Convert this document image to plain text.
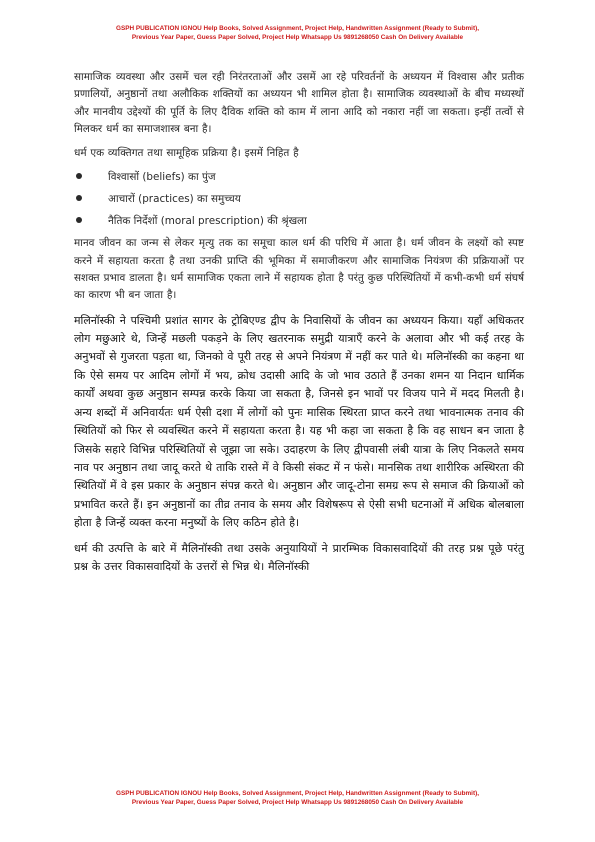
GSPH PUBLICATION IGNOU Help Books, Solved Assignment, Project Help, Handwritten Assignment (Ready to Submit),
Previous Year Paper, Guess Paper Solved, Project Help Whatsapp Us 9891268050 Cash On Delivery Available

सामाजिक व्यवस्था और उसमें चल रही निरंतरताओं और उसमें आ रहे परिवर्तनों के अध्ययन में विश्वास और प्रतीक प्रणालियों, अनुष्ठानों तथा अलौकिक शक्तियों का अध्ययन भी शामिल होता है। सामाजिक व्यवस्थाओं के बीच मध्यस्थों और मानवीय उद्देश्यों की पूर्ति के लिए दैविक शक्ति को काम में लाना आदि को नकारा नहीं जा सकता। इन्हीं तत्वों से मिलकर धर्म का समाजशास्त्र बना है।

धर्म एक व्यक्तिगत तथा सामूहिक प्रक्रिया है। इसमें निहित है

विश्वासों (beliefs) का पुंज
आचारों (practices) का समुच्चय
नैतिक निर्देशों (moral prescription) की श्रृंखला

मानव जीवन का जन्म से लेकर मृत्यु तक का समूचा काल धर्म की परिधि में आता है। धर्म जीवन के लक्ष्यों को स्पष्ट करने में सहायता करता है तथा उनकी प्राप्ति की भूमिका में समाजीकरण और सामाजिक नियंत्रण की प्रक्रियाओं पर सशक्त प्रभाव डालता है। धर्म सामाजिक एकता लाने में सहायक होता है परंतु कुछ परिस्थितियों में कभी-कभी धर्म संघर्ष का कारण भी बन जाता है।

मलिनॉस्की ने पश्चिमी प्रशांत सागर के ट्रोबिएण्ड द्वीप के निवासियों के जीवन का अध्ययन किया। यहाँ अधिकतर लोग मछुआरे थे, जिन्हें मछली पकड़ने के लिए खतरनाक समुद्री यात्राएँ करने के अलावा और भी कई तरह के अनुभवों से गुजरता पड़ता था, जिनको वे पूरी तरह से अपने नियंत्रण में नहीं कर पाते थे। मलिनॉस्की का कहना था कि ऐसे समय पर आदिम लोगों में भय, क्रोध उदासी आदि के जो भाव उठाते हैं उनका शमन या निदान धार्मिक कार्यों अथवा कुछ अनुष्ठान सम्पन्न करके किया जा सकता है, जिनसे इन भावों पर विजय पाने में मदद मिलती है। अन्य शब्दों में अनिवार्यतः धर्म ऐसी दशा में लोगों को पुनः मासिक स्थिरता प्राप्त करने तथा भावनात्मक तनाव की स्थितियों को फिर से व्यवस्थित करने में सहायता करता है। यह भी कहा जा सकता है कि वह साधन बन जाता है जिसके सहारे विभिन्न परिस्थितियों से जूझा जा सके। उदाहरण के लिए द्वीपवासी लंबी यात्रा के लिए निकलते समय नाव पर अनुष्ठान तथा जादू करते थे ताकि रास्ते में वे किसी संकट में न फंसे। मानसिक तथा शारीरिक अस्थिरता की स्थितियों में वे इस प्रकार के अनुष्ठान संपन्न करते थे। अनुष्ठान और जादू-टोना समग्र रूप से समाज की क्रियाओं को प्रभावित करते हैं। इन अनुष्ठानों का तीव्र तनाव के समय और विशेषरूप से ऐसी सभी घटनाओं में अधिक बोलबाला होता है जिन्हें व्यक्त करना मनुष्यों के लिए कठिन होते है।

धर्म की उत्पत्ति के बारे में मैलिनॉस्की तथा उसके अनुयायियों ने प्रारम्भिक विकासवादियों की तरह प्रश्न पूछे परंतु प्रश्न के उत्तर विकासवादियों के उत्तरों से भिन्न थे। मैलिनॉस्की

GSPH PUBLICATION IGNOU Help Books, Solved Assignment, Project Help, Handwritten Assignment (Ready to Submit),
Previous Year Paper, Guess Paper Solved, Project Help Whatsapp Us 9891268050 Cash On Delivery Available
